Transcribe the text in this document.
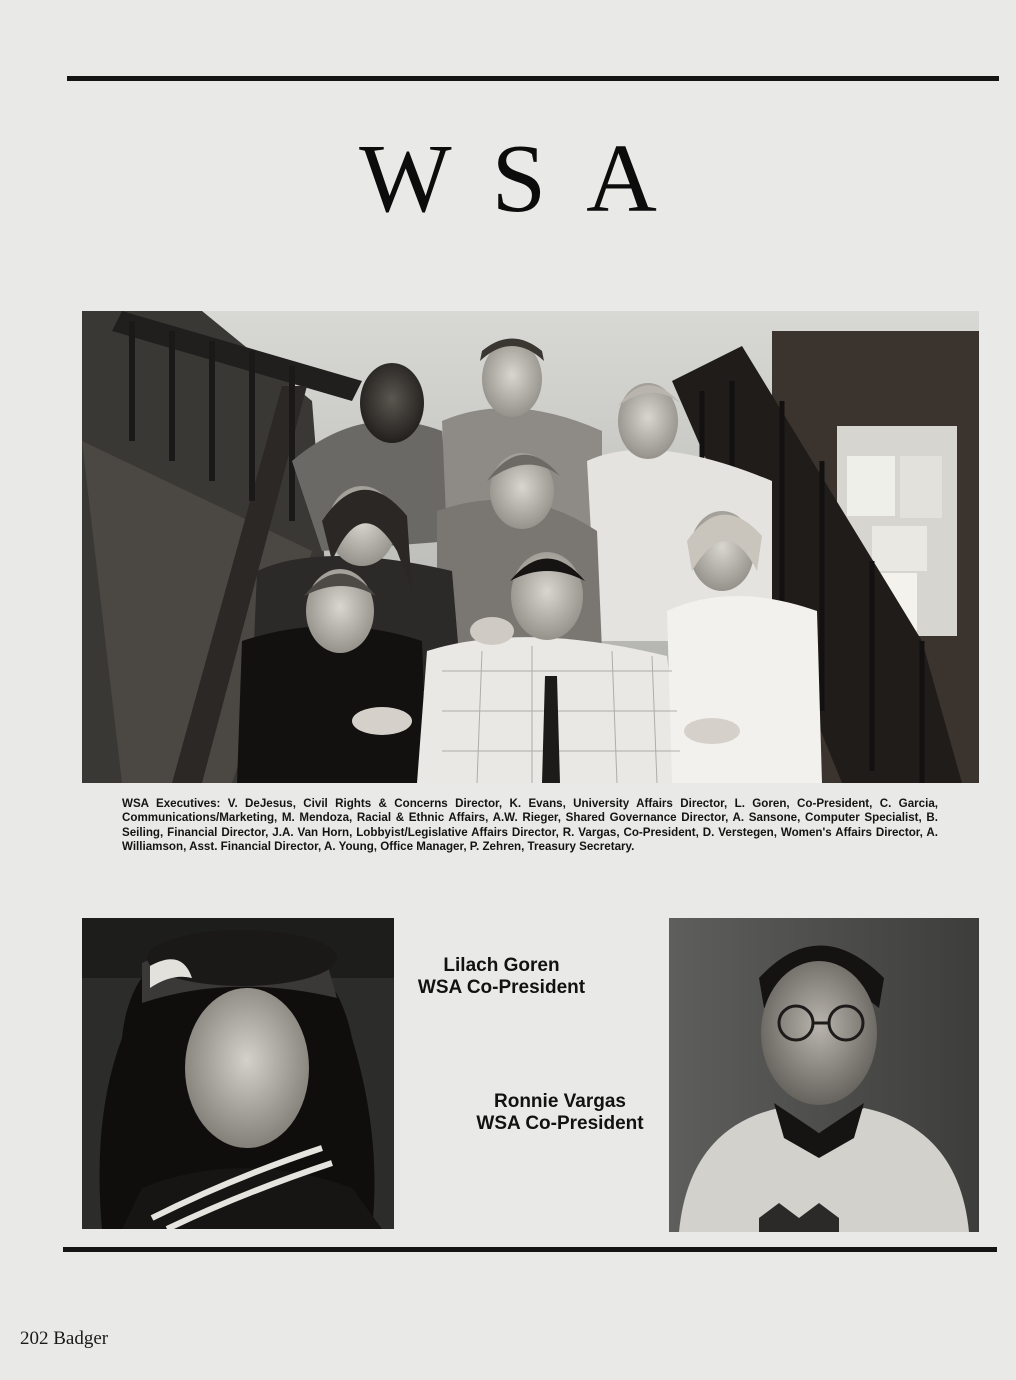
WSA
WSA Executives: V. DeJesus, Civil Rights & Concerns Director, K. Evans, University Affairs Director, L. Goren, Co-President, C. Garcia, Communications/Marketing, M. Mendoza, Racial & Ethnic Affairs, A.W. Rieger, Shared Governance Director, A. Sansone, Computer Specialist, B. Seiling, Financial Director, J.A. Van Horn, Lobbyist/Legislative Affairs Director, R. Vargas, Co-President, D. Verstegen, Women's Affairs Director, A. Williamson, Asst. Financial Director, A. Young, Office Manager, P. Zehren, Treasury Secretary.
Lilach Goren
WSA Co-President
Ronnie Vargas
WSA Co-President
202 Badger
